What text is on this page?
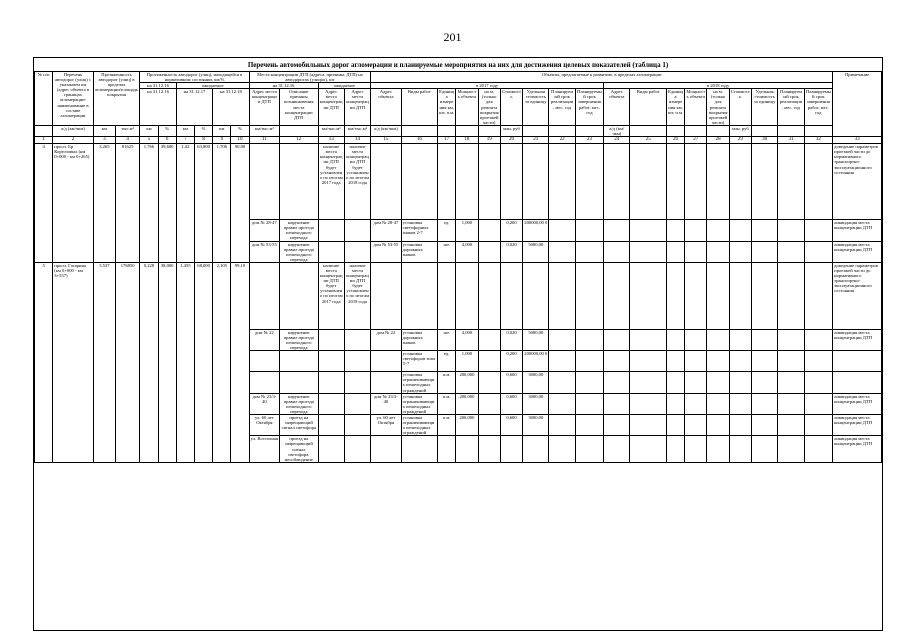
201
Перечень автомобильных дорог агломерации и планируемые мероприятия на них для достижения целевых показателей (таблица 1)
№ п/п	Перечень автодорог (улиц) с указанием км (адрес объекта в границах агломерации-наименование в составе агломерации	Протяженность автодорог (улиц) в пределах агломерации/площадь покрытия		Протяженность автодорог (улиц), находящейся в нормативном состоянии, км/%						Места концентрации ДТП (адреса, причины, ДТП) на автодорогах (улицах), шт				Объекты, предлагаемые к развитию, в пределах агломерации																		Примечание
				на 31.12.16		ожидаемое				на 31.12.16		ожидаемое		в 2017 году									в 2018 году									
				на 31.12.16		на 31.12.17		на 31.12.18		Адрес места концентрации ДТП	Описание причины возникновения места концентрации ДТП	Адрес места концентрации ДТП	Адрес места концентрации ДТП	Адрес объекта	Виды работ	Единица измерения км, шт, п.м.	Мощность объекта	на м. (только для ремонта покрытия проезжей части)	Стоимость	Удельная стоимость за единицу	Планируемый срок реализации, мес. год	Планируемый срок завершения работ, мес. год	Адрес объекта	Виды работ	Единица измерения км, шт, п.м.	Мощность объекта	на м. (только для ремонта покрытия проезжей части)	Стоимость	Удельная стоимость за единицу	Планируемый срок реализации, мес. год	Планируемый срок завершения работ, мес. год	
	а/д (км/чкм)	км	тыс.м²	км	%	км	%	км	%	км/тыс.м²		км/тыс.м²	км/тыс.м²	а/д (км/чкм)					млн. руб				а/д (км/чкм)					млн. руб				
1	2	3	4	5	6	7	8	9	10	11	12	13	14	15	16	17	18	19	20	21	22	23	24	25	26	27	28	29	30	31	32	33
4	просп. Бр Кортозовых (км 0+000 - км 0+265)	3,265	81625	1,766	39,600	1,42	63,800	1,706	90,00			наличие места концентрации ДТП будет установлено по итогам 2017 года	наличие места концентрации ДТП будет установлено по итогам 2018 года																			доведение параметров проезжей части до нормативного транспортно-эксплуатационного состояния
										дом № 28-47	нарушение правил проезда пешеходного перехода			дом № 28-47	установка светофорных знаков 2-7	ед.	1,000		0,200	200000,00 0												ликвидация места концентрации ДТП
										дом № 53-55	нарушение правил проезда пешеходного перехода			дом № 53-55	установка дорожных знаков	шт.	4,000		0,020	5000,00												ликвидация места концентрации ДТП
5	просп. Гагарина (км 0+000 - км 3+537)	3,537	176850	0,228	38,000	1,455	68,000	2,105	99,10			наличие места концентрации ДТП будет установлено по итогам 2017 года	наличие места концентрации ДТП будет установлено по итогам 2018 года																			доведение параметров проезжей части до нормативного транспортно-эксплуатационного состояния
										дом № 22	нарушение правил проезда пешеходного перехода			дом № 22	установка дорожных знаков	шт.	4,000		0,020	5000,00												ликвидация места концентрации ДТП
															установка светофоров типа Т-7	ед.	1,000		0,200	200000,00 0												
															установка ограничивающих пешеходных ограждений	п.м.	200,000		0,600	3000,00												
										дом № 23/3-40	нарушение правил проезда пешеходного перехода			дом № 23/3-40	установка ограничивающих пешеходных ограждений	п.м.	200,000		0,600	3000,00												ликвидация места концентрации ДТП
										ул. 60 лет Октября	проезд на запрещающий сигнал светофора			ул. 60 лет Октября	установка ограничивающих пешеходных ограждений	п.м.	200,000		0,600	3000,00												ликвидация места концентрации ДТП
										ул. Восточная	проезд на запрещающий сигнал светофора, несоблюдение																					ликвидация места концентрации ДТП
